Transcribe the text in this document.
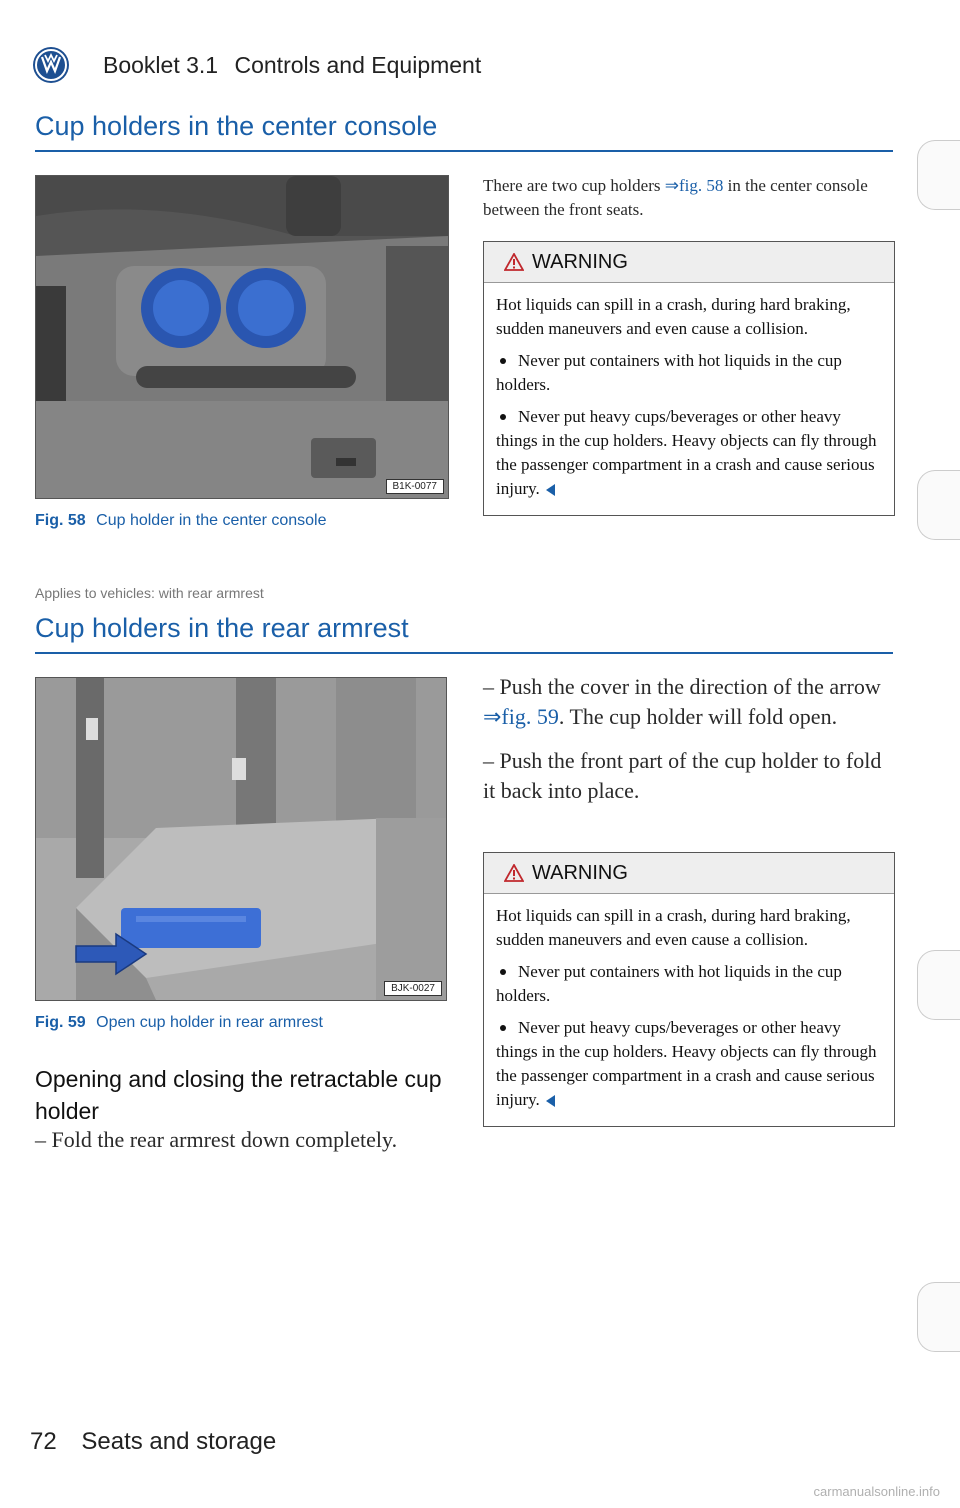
Booklet 3.1 Controls and Equipment
Cup holders in the center console
B1K-0077
Fig. 58 Cup holder in the center console
There are two cup holders ⇒fig. 58 in the center console between the front seats.
WARNING

Hot liquids can spill in a crash, during hard braking, sudden maneuvers and even cause a collision.

Never put containers with hot liquids in the cup holders.
Never put heavy cups/beverages or other heavy things in the cup holders. Heavy objects can fly through the passenger compartment in a crash and cause serious injury.
Applies to vehicles: with rear armrest
Cup holders in the rear armrest
BJK-0027
Fig. 59 Open cup holder in rear armrest
Opening and closing the retractable cup holder
– Fold the rear armrest down completely.
– Push the cover in the direction of the arrow ⇒fig. 59. The cup holder will fold open.
– Push the front part of the cup holder to fold it back into place.
WARNING

Hot liquids can spill in a crash, during hard braking, sudden maneuvers and even cause a collision.

Never put containers with hot liquids in the cup holders.
Never put heavy cups/beverages or other heavy things in the cup holders. Heavy objects can fly through the passenger compartment in a crash and cause serious injury.
72 Seats and storage
carmanualsonline.info
